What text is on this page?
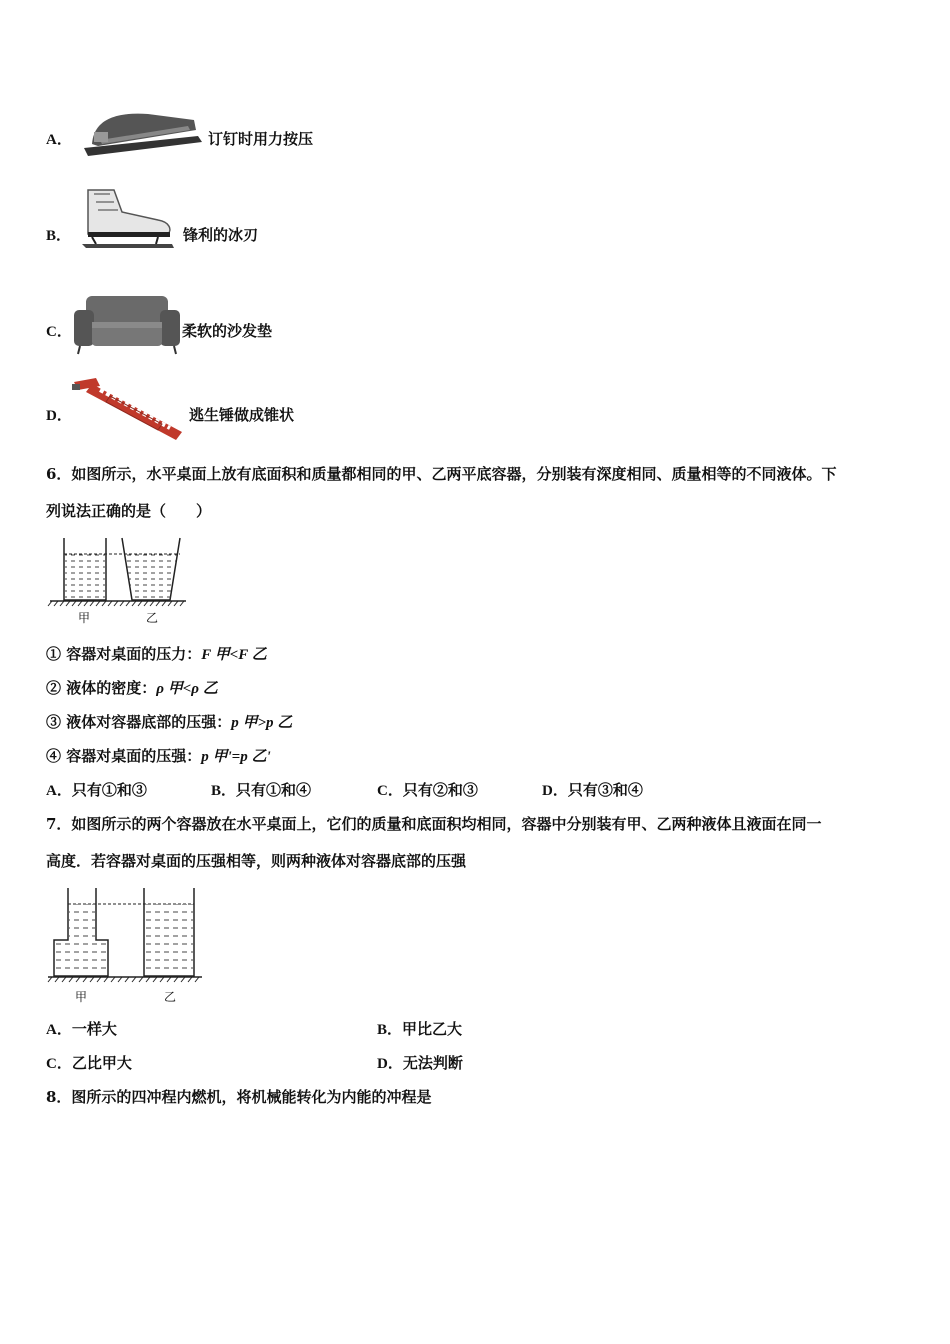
A．	订钉时用力按压
B．	锋利的冰刃
C．	柔软的沙发垫
D．	逃生锤做成锥状
6．如图所示，水平桌面上放有底面积和质量都相同的甲、乙两平底容器，分别装有深度相同、质量相等的不同液体。下
列说法正确的是（　　）
甲	乙
① 容器对桌面的压力：F 甲<F 乙
② 液体的密度：ρ 甲<ρ 乙
③ 液体对容器底部的压强：p 甲>p 乙
④ 容器对桌面的压强：p 甲'=p 乙'
A．只有①和③	B．只有①和④	C．只有②和③	D．只有③和④
7．如图所示的两个容器放在水平桌面上，它们的质量和底面积均相同，容器中分别装有甲、乙两种液体且液面在同一
高度．若容器对桌面的压强相等，则两种液体对容器底部的压强
甲	乙
A．一样大	B．甲比乙大
C．乙比甲大	D．无法判断
8．图所示的四冲程内燃机，将机械能转化为内能的冲程是
